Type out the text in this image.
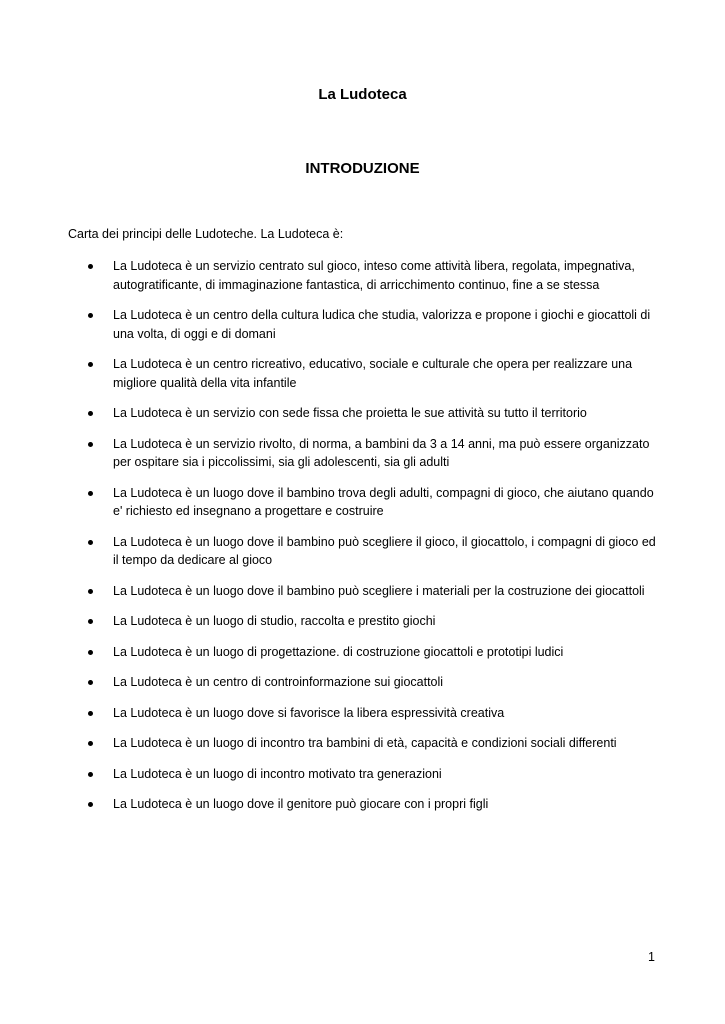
La Ludoteca
INTRODUZIONE

Carta dei principi delle Ludoteche. La Ludoteca è:

La Ludoteca è un servizio centrato sul gioco, inteso come attività libera, regolata, impegnativa, autogratificante, di immaginazione fantastica, di arricchimento continuo, fine a se stessa
La Ludoteca è un centro della cultura ludica che studia, valorizza e propone i giochi e giocattoli di una volta, di oggi e di domani
La Ludoteca è un centro ricreativo, educativo, sociale e culturale che opera per realizzare una migliore qualità della vita infantile
La Ludoteca è un servizio con sede fissa che proietta le sue attività su tutto il territorio
La Ludoteca è un servizio rivolto, di norma, a bambini da 3 a 14 anni, ma può essere organizzato per ospitare sia i piccolissimi, sia gli adolescenti, sia gli adulti
La Ludoteca è un luogo dove il bambino trova degli adulti, compagni di gioco, che aiutano quando e' richiesto ed insegnano a progettare e costruire
La Ludoteca è un luogo dove il bambino può scegliere il gioco, il giocattolo, i compagni di gioco ed il tempo da dedicare al gioco
La Ludoteca è un luogo dove il bambino può scegliere i materiali per la costruzione dei giocattoli
La Ludoteca è un luogo di studio, raccolta e prestito giochi
La Ludoteca è un luogo di progettazione. di costruzione giocattoli e prototipi ludici
La Ludoteca è un centro di controinformazione sui giocattoli
La Ludoteca è un luogo dove si favorisce la libera espressività creativa
La Ludoteca è un luogo di incontro tra bambini di età, capacità e condizioni sociali differenti
La Ludoteca è un luogo di incontro motivato tra generazioni
La Ludoteca è un luogo dove il genitore può giocare con i propri figli

1
